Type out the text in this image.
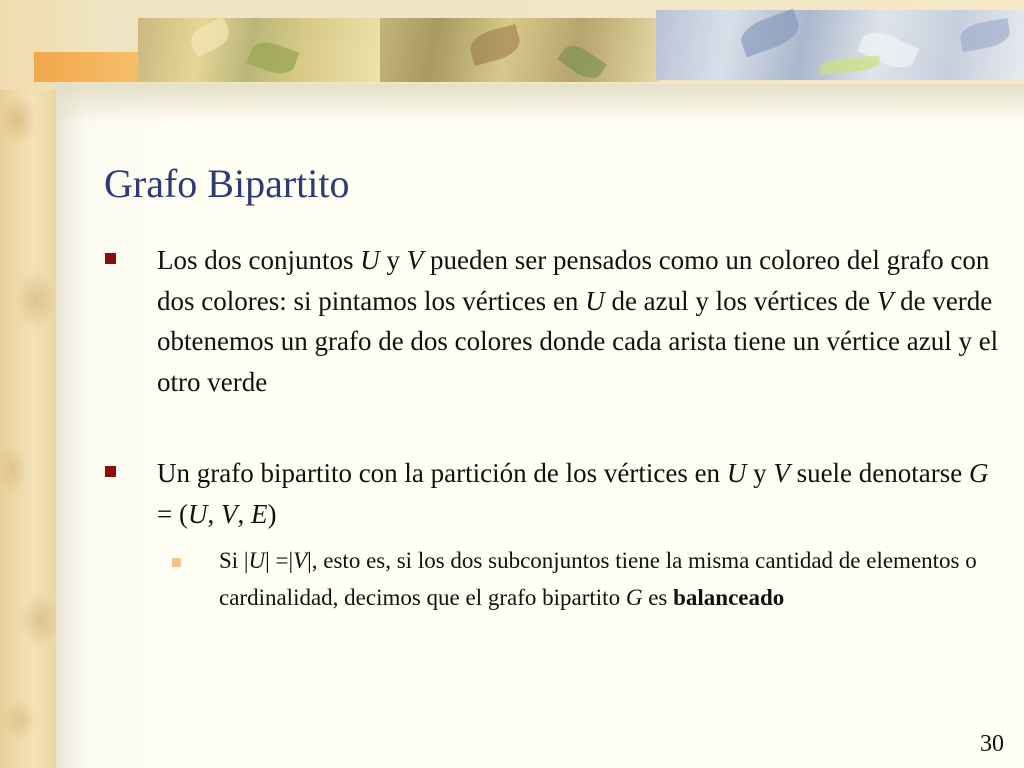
Grafo Bipartito

Los dos conjuntos U y V pueden ser pensados como un coloreo del grafo con dos colores: si pintamos los vértices en U de azul y los vértices de V de verde obtenemos un grafo de dos colores donde cada arista tiene un vértice azul y el otro verde

Un grafo bipartito con la partición de los vértices en U y V suele denotarse G = (U, V, E)

Si |U| =|V|, esto es, si los dos subconjuntos tiene la misma cantidad de elementos o cardinalidad, decimos que el grafo bipartito G es balanceado

30
